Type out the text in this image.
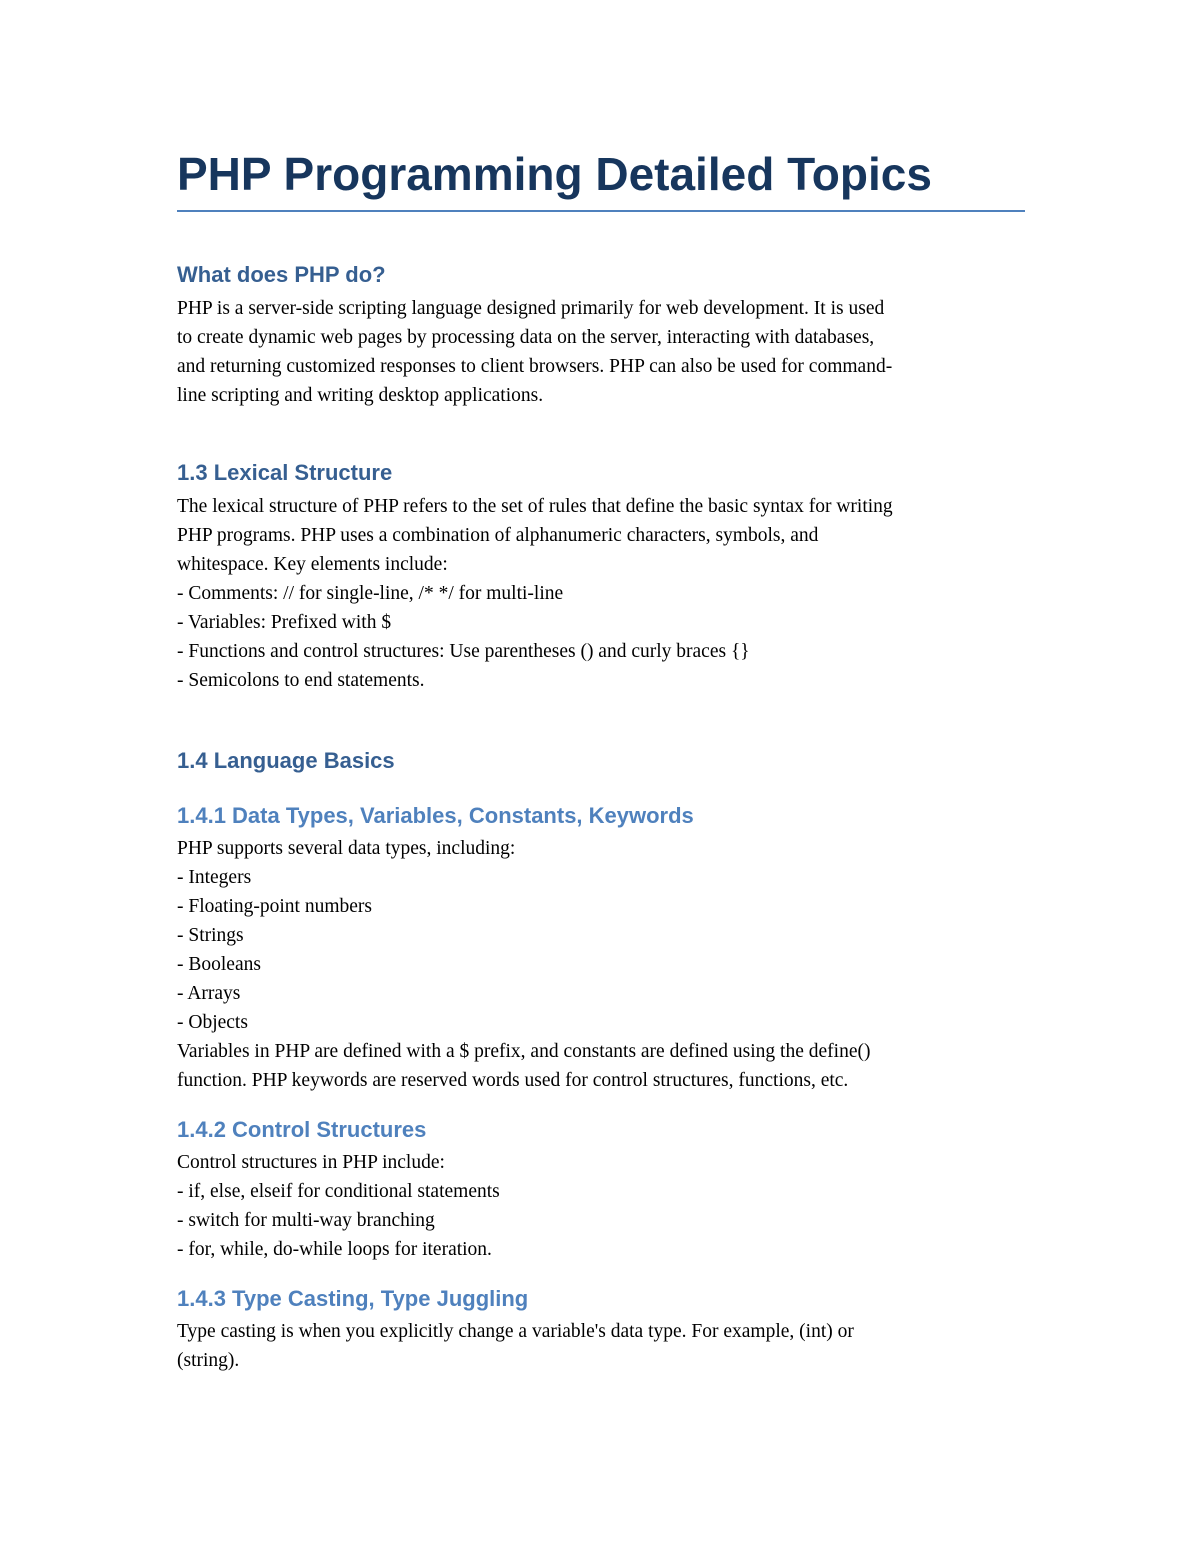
PHP Programming Detailed Topics
What does PHP do?

PHP is a server-side scripting language designed primarily for web development. It is used
to create dynamic web pages by processing data on the server, interacting with databases,
and returning customized responses to client browsers. PHP can also be used for command-
line scripting and writing desktop applications.

1.3 Lexical Structure

The lexical structure of PHP refers to the set of rules that define the basic syntax for writing
PHP programs. PHP uses a combination of alphanumeric characters, symbols, and
whitespace. Key elements include:
- Comments: // for single-line, /* */ for multi-line
- Variables: Prefixed with $
- Functions and control structures: Use parentheses () and curly braces {}
- Semicolons to end statements.

1.4 Language Basics
1.4.1 Data Types, Variables, Constants, Keywords

PHP supports several data types, including:
- Integers
- Floating-point numbers
- Strings
- Booleans
- Arrays
- Objects
Variables in PHP are defined with a $ prefix, and constants are defined using the define()
function. PHP keywords are reserved words used for control structures, functions, etc.

1.4.2 Control Structures

Control structures in PHP include:
- if, else, elseif for conditional statements
- switch for multi-way branching
- for, while, do-while loops for iteration.

1.4.3 Type Casting, Type Juggling

Type casting is when you explicitly change a variable's data type. For example, (int) or
(string).
